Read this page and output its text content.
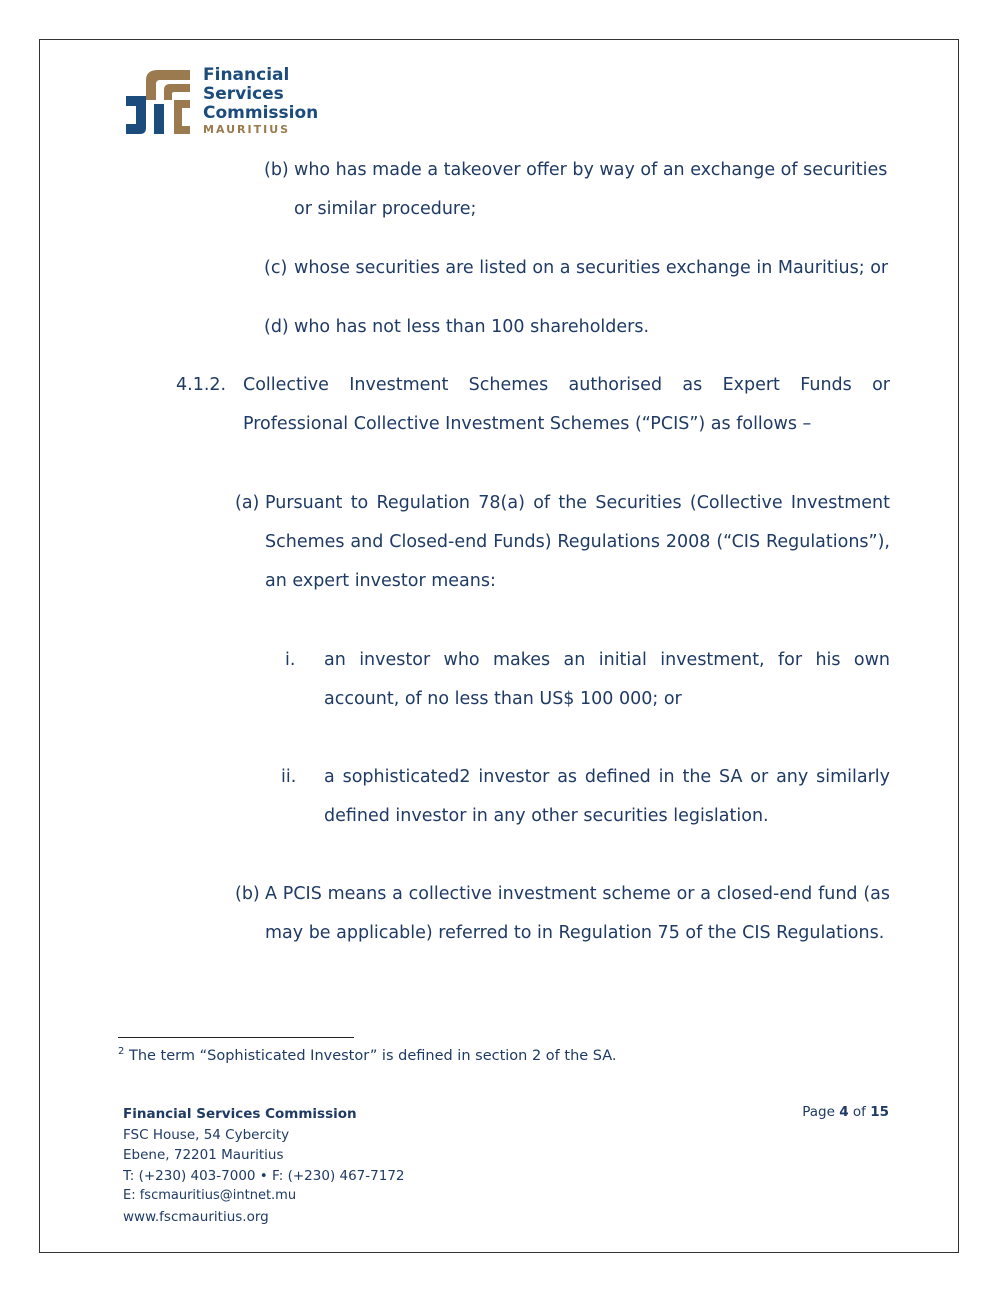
Financial
Services
Commission
MAURITIUS
(b) who has made a takeover offer by way of an exchange of securities or similar procedure;
(c) whose securities are listed on a securities exchange in Mauritius; or
(d) who has not less than 100 shareholders.
4.1.2. Collective Investment Schemes authorised as Expert Funds or Professional Collective Investment Schemes (“PCIS”) as follows –
(a) Pursuant to Regulation 78(a) of the Securities (Collective Investment Schemes and Closed-end Funds) Regulations 2008 (“CIS Regulations”), an expert investor means:
i. an investor who makes an initial investment, for his own account, of no less than US$ 100 000; or
ii. a sophisticated2 investor as defined in the SA or any similarly defined investor in any other securities legislation.
(b) A PCIS means a collective investment scheme or a closed-end fund (as may be applicable) referred to in Regulation 75 of the CIS Regulations.
$^2$ The term “Sophisticated Investor” is defined in section 2 of the SA.
Financial Services Commission
FSC House, 54 Cybercity
Ebene, 72201 Mauritius
T: (+230) 403-7000 • F: (+230) 467-7172
E: fscmauritius@intnet.mu
www.fscmauritius.org
Page 4 of 15
